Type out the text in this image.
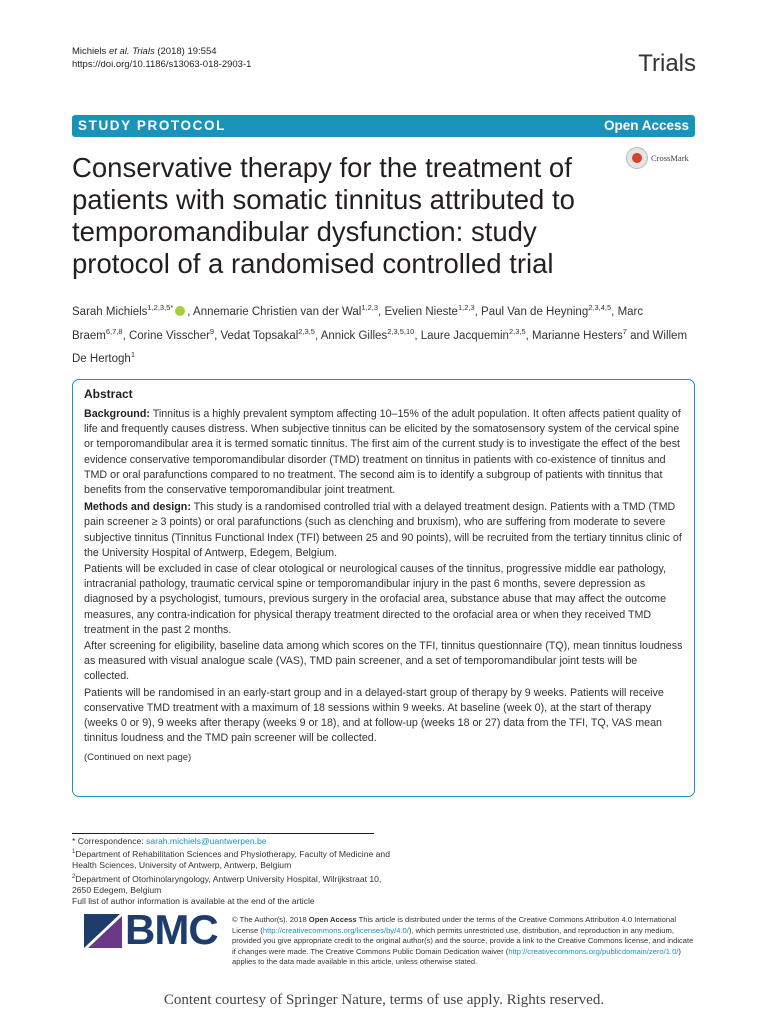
Michiels et al. Trials (2018) 19:554
https://doi.org/10.1186/s13063-018-2903-1	Trials
STUDY PROTOCOL	Open Access
Conservative therapy for the treatment of patients with somatic tinnitus attributed to temporomandibular dysfunction: study protocol of a randomised controlled trial
CrossMark
Sarah Michiels$^{1,2,3,5*}$ , Annemarie Christien van der Wal$^{1,2,3}$, Evelien Nieste$^{1,2,3}$, Paul Van de Heyning$^{2,3,4,5}$, Marc Braem$^{6,7,8}$, Corine Visscher$^9$, Vedat Topsakal$^{2,3,5}$, Annick Gilles$^{2,3,5,10}$, Laure Jacquemin$^{2,3,5}$, Marianne Hesters$^7$ and Willem De Hertogh$^1$
Abstract

Background: Tinnitus is a highly prevalent symptom affecting 10–15% of the adult population. It often affects patient quality of life and frequently causes distress. When subjective tinnitus can be elicited by the somatosensory system of the cervical spine or temporomandibular area it is termed somatic tinnitus. The first aim of the current study is to investigate the effect of the best evidence conservative temporomandibular disorder (TMD) treatment on tinnitus in patients with co-existence of tinnitus and TMD or oral parafunctions compared to no treatment. The second aim is to identify a subgroup of patients with tinnitus that benefits from the conservative temporomandibular joint treatment.

Methods and design: This study is a randomised controlled trial with a delayed treatment design. Patients with a TMD (TMD pain screener ≥ 3 points) or oral parafunctions (such as clenching and bruxism), who are suffering from moderate to severe subjective tinnitus (Tinnitus Functional Index (TFI) between 25 and 90 points), will be recruited from the tertiary tinnitus clinic of the University Hospital of Antwerp, Edegem, Belgium.

Patients will be excluded in case of clear otological or neurological causes of the tinnitus, progressive middle ear pathology, intracranial pathology, traumatic cervical spine or temporomandibular injury in the past 6 months, severe depression as diagnosed by a psychologist, tumours, previous surgery in the orofacial area, substance abuse that may affect the outcome measures, any contra-indication for physical therapy treatment directed to the orofacial area or when they received TMD treatment in the past 2 months.

After screening for eligibility, baseline data among which scores on the TFI, tinnitus questionnaire (TQ), mean tinnitus loudness as measured with visual analogue scale (VAS), TMD pain screener, and a set of temporomandibular joint tests will be collected.

Patients will be randomised in an early-start group and in a delayed-start group of therapy by 9 weeks. Patients will receive conservative TMD treatment with a maximum of 18 sessions within 9 weeks. At baseline (week 0), at the start of therapy (weeks 0 or 9), 9 weeks after therapy (weeks 9 or 18), and at follow-up (weeks 18 or 27) data from the TFI, TQ, VAS mean tinnitus loudness and the TMD pain screener will be collected.

(Continued on next page)

* Correspondence: sarah.michiels@uantwerpen.be
$^1$Department of Rehabilitation Sciences and Physiotherapy, Faculty of Medicine and Health Sciences, University of Antwerp, Antwerp, Belgium
$^2$Department of Otorhinolaryngology, Antwerp University Hospital, Wilrijkstraat 10, 2650 Edegem, Belgium
Full list of author information is available at the end of the article
BMC © The Author(s). 2018 Open Access This article is distributed under the terms of the Creative Commons Attribution 4.0 International License (http://creativecommons.org/licenses/by/4.0/), which permits unrestricted use, distribution, and reproduction in any medium, provided you give appropriate credit to the original author(s) and the source, provide a link to the Creative Commons license, and indicate if changes were made. The Creative Commons Public Domain Dedication waiver (http://creativecommons.org/publicdomain/zero/1.0/) applies to the data made available in this article, unless otherwise stated.
Content courtesy of Springer Nature, terms of use apply. Rights reserved.
